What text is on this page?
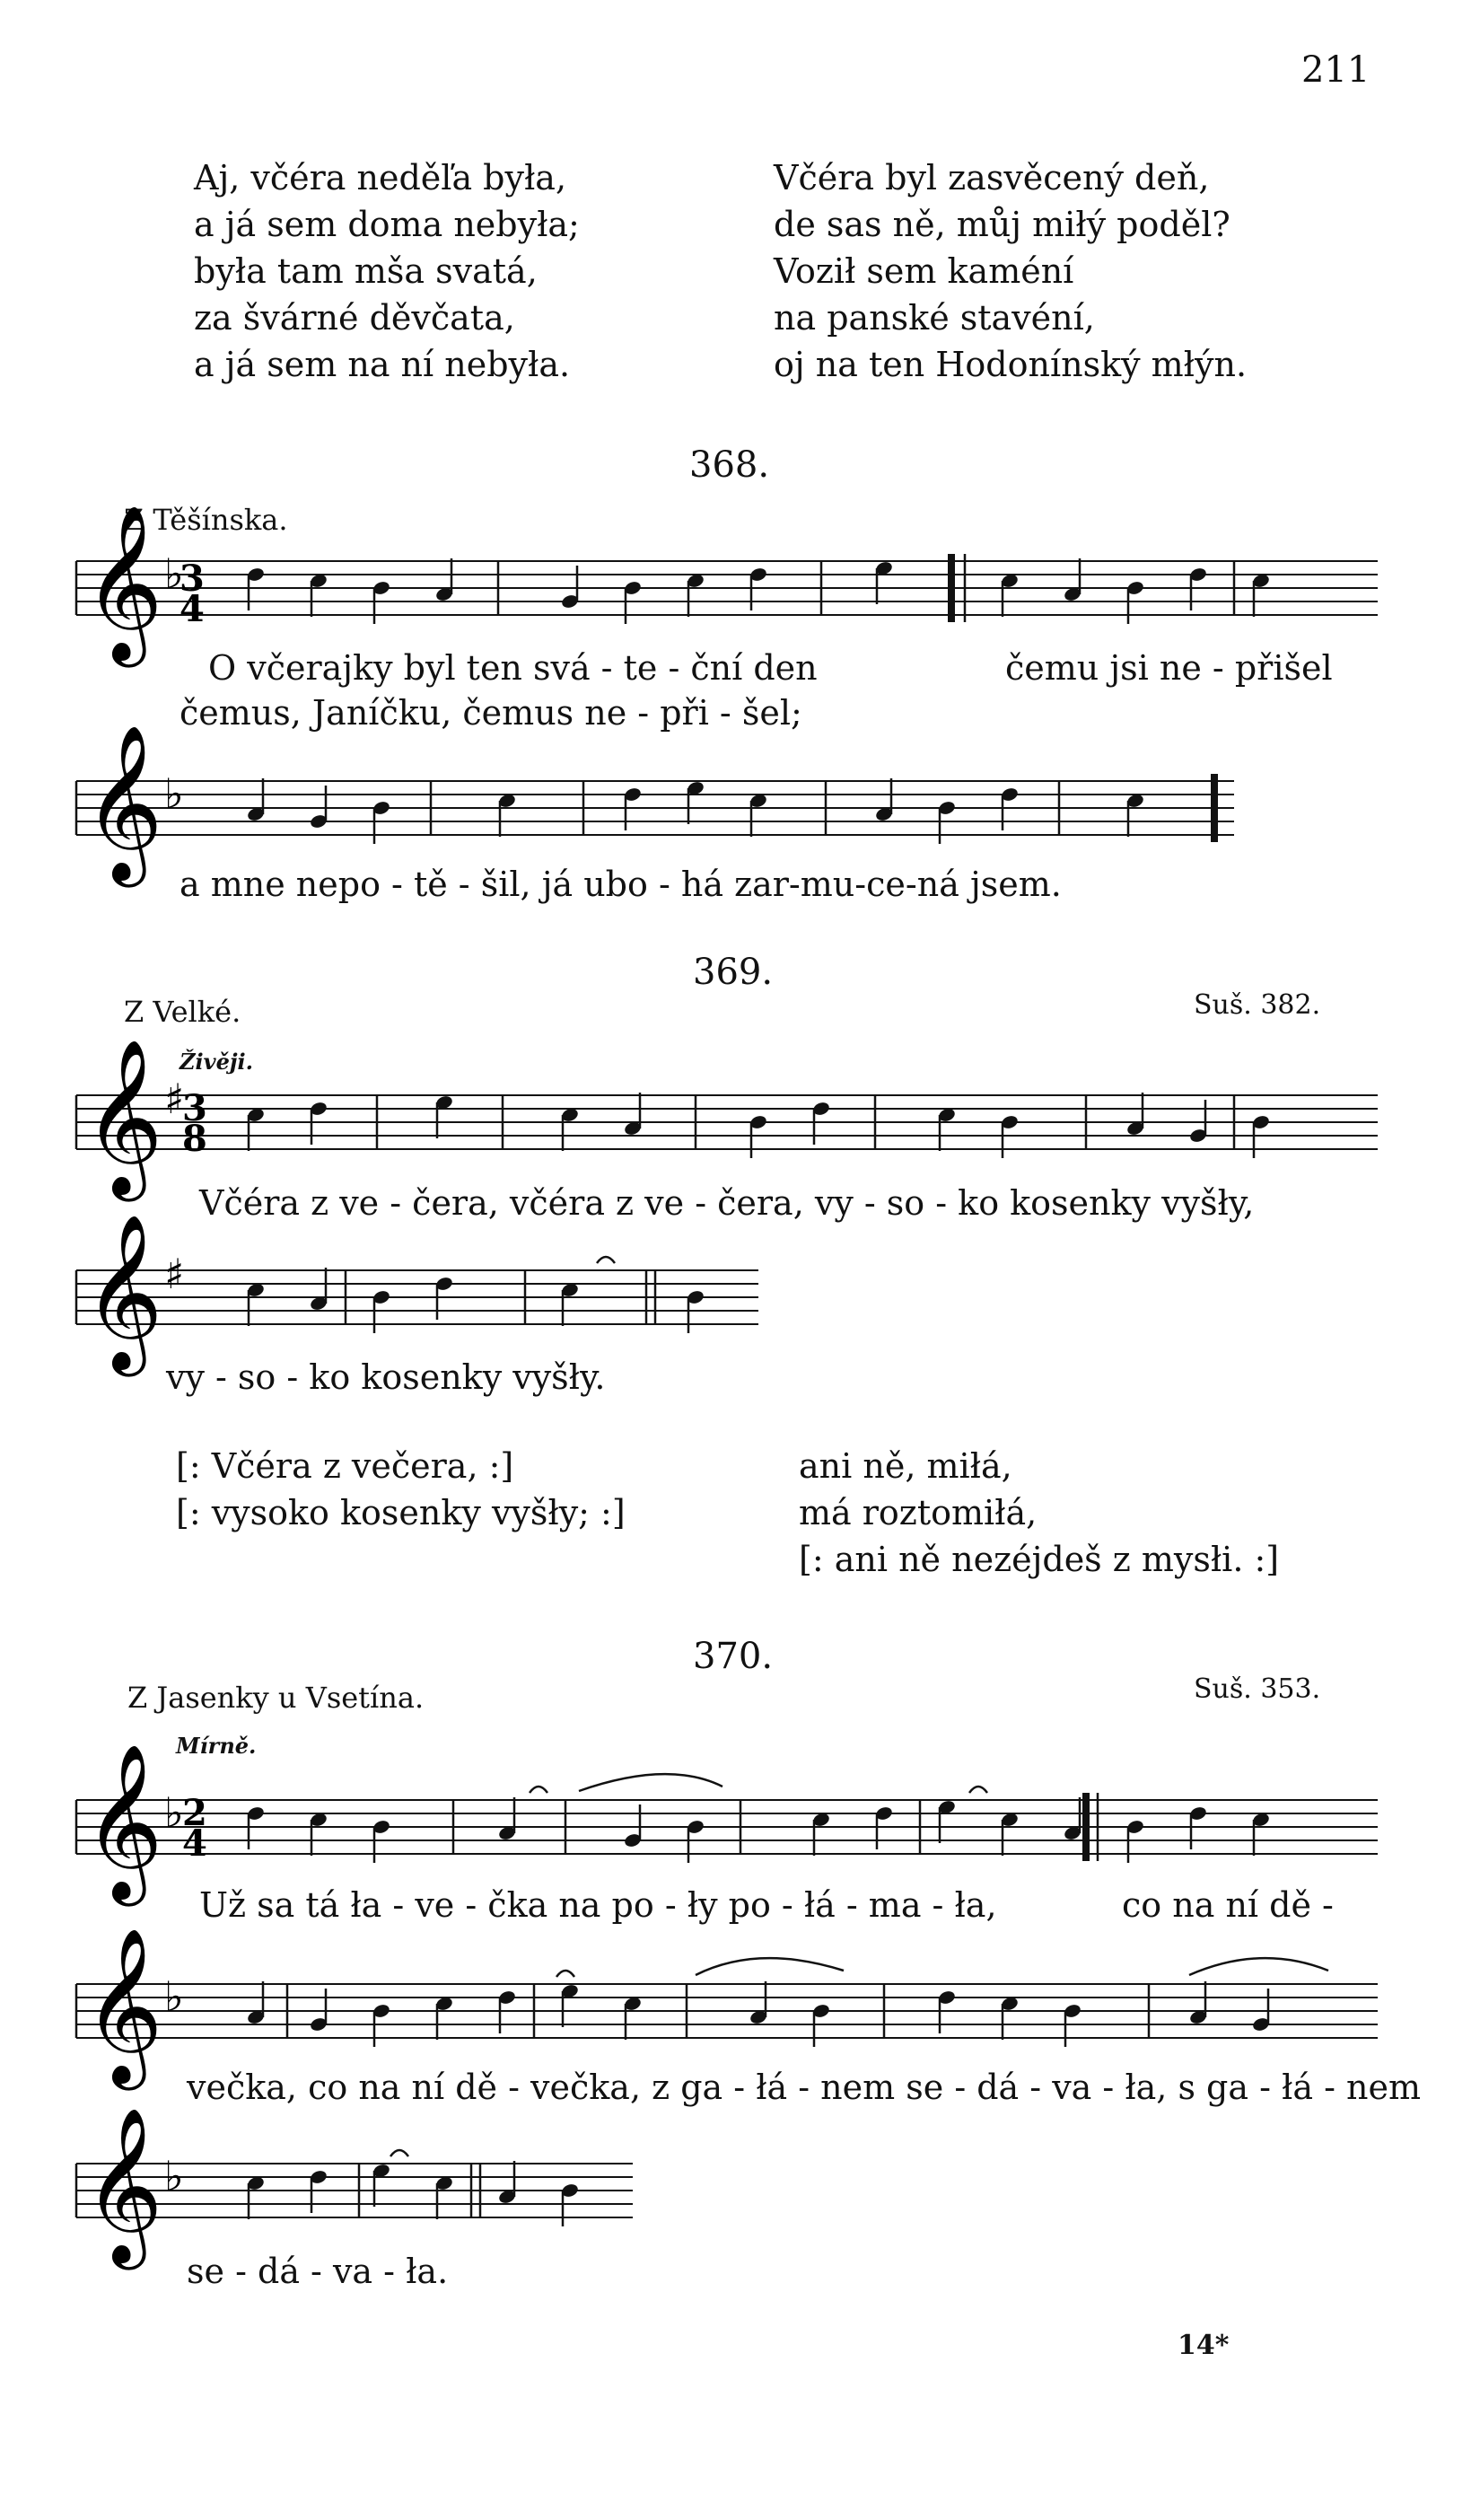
211
Aj, včéra neděľa była,
a já sem doma nebyła;
była tam mša svatá,
za švárné děvčata,
a já sem na ní nebyła.
Včéra byl zasvěcený deň,
de sas ně, můj miłý poděl?
Voził sem kaméní
na panské stavéní,
oj na ten Hodonínský młýn.
368.
Z Těšínska.
𝄞 ♭
3
4
O včerajky byl ten svá - te - ční den	čemu jsi ne - přišel
čemus, Janíčku, čemus ne - při - šel;
𝄞 ♭
a mne nepo - tě - šil, já ubo - há zar-mu-ce-ná jsem.
369.
Z Velké.	Suš. 382.
Živěji.
𝄞 ♯
3
8
Včéra z ve - čera, včéra z ve - čera, vy - so - ko kosenky vyšły,
𝄞 ♯
vy - so - ko kosenky vyšły.
[: Včéra z večera, :]
[: vysoko kosenky vyšły; :]
ani ně, miłá,
má roztomiłá,
[: ani ně nezéjdeš z mysłi. :]
370.
Z Jasenky u Vsetína.	Suš. 353.
Mírně.
𝄞 ♭
2
4
Už sa tá ła - ve - čka na po - ły po - łá - ma - ła,	co na ní dě -
𝄞 ♭
večka, co na ní dě - večka, z ga - łá - nem se - dá - va - ła, s ga - łá - nem
𝄞 ♭
se - dá - va - ła.
14*
